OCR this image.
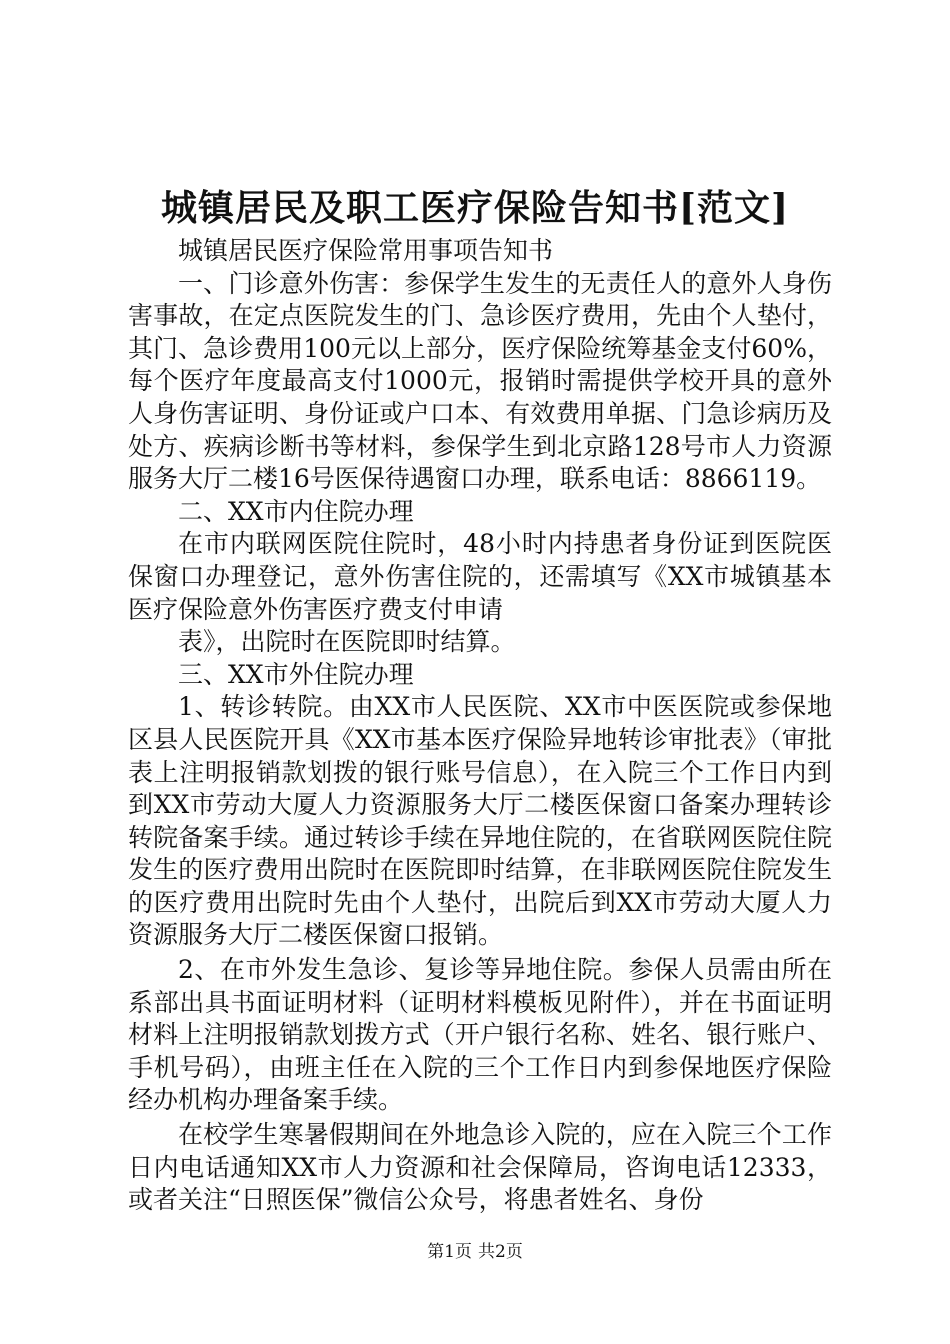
城镇居民及职工医疗保险告知书[范文]

城镇居民医疗保险常用事项告知书

一、门诊意外伤害：参保学生发生的无责任人的意外人身伤害事故，在定点医院发生的门、急诊医疗费用，先由个人垫付，其门、急诊费用100元以上部分，医疗保险统筹基金支付60%，每个医疗年度最高支付1000元，报销时需提供学校开具的意外人身伤害证明、身份证或户口本、有效费用单据、门急诊病历及处方、疾病诊断书等材料，参保学生到北京路128号市人力资源服务大厅二楼16号医保待遇窗口办理，联系电话：8866119。

二、XX市内住院办理

在市内联网医院住院时，48小时内持患者身份证到医院医保窗口办理登记，意外伤害住院的，还需填写《XX市城镇基本医疗保险意外伤害医疗费支付申请

表》，出院时在医院即时结算。

三、XX市外住院办理

1、转诊转院。由XX市人民医院、XX市中医医院或参保地区县人民医院开具《XX市基本医疗保险异地转诊审批表》（审批表上注明报销款划拨的银行账号信息），在入院三个工作日内到到XX市劳动大厦人力资源服务大厅二楼医保窗口备案办理转诊转院备案手续。通过转诊手续在异地住院的，在省联网医院住院发生的医疗费用出院时在医院即时结算，在非联网医院住院发生的医疗费用出院时先由个人垫付，出院后到XX市劳动大厦人力资源服务大厅二楼医保窗口报销。

2、在市外发生急诊、复诊等异地住院。参保人员需由所在系部出具书面证明材料（证明材料模板见附件），并在书面证明材料上注明报销款划拨方式（开户银行名称、姓名、银行账户、手机号码），由班主任在入院的三个工作日内到参保地医疗保险经办机构办理备案手续。

在校学生寒暑假期间在外地急诊入院的，应在入院三个工作日内电话通知XX市人力资源和社会保障局，咨询电话12333，或者关注“日照医保”微信公众号，将患者姓名、身份

第1页 共2页
